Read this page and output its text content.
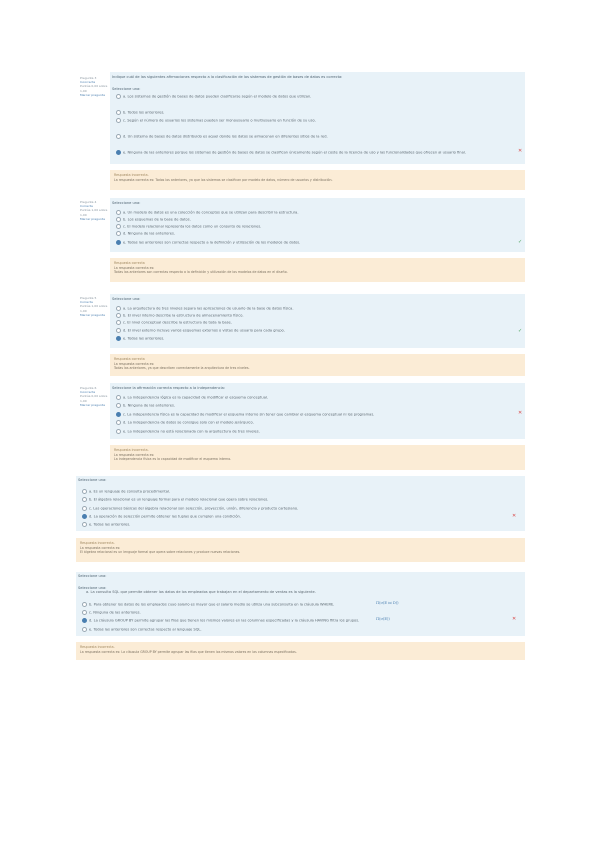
Pregunta 3
Incorrecta
Puntúa 0,00 sobre 1,00
Marcar pregunta
Indique cuál de las siguientes afirmaciones respecto a la clasificación de los sistemas de gestión de bases de datos es correcta:
Seleccione una:
a. Los sistemas de gestión de bases de datos pueden clasificarse según el modelo de datos que utilizan.
b. Todos los anteriores.
c. Según el número de usuarios los sistemas pueden ser monousuario o multiusuario en función de su uso.
d. Un sistema de bases de datos distribuido es aquel donde los datos se almacenan en diferentes sitios de la red.
e. Ninguna de las anteriores porque los sistemas de gestión de bases de datos se clasifican únicamente según el coste de la licencia de uso y las funcionalidades que ofrecen al usuario final.	✕
Respuesta incorrecta.
La respuesta correcta es: Todos los anteriores, ya que los sistemas se clasifican por modelo de datos, número de usuarios y distribución.
Pregunta 4
Correcta
Puntúa 1,00 sobre 1,00
Marcar pregunta
Seleccione una:
a. Un modelo de datos es una colección de conceptos que se utilizan para describir la estructura.
b. Los esquemas de la base de datos.
c. El modelo relacional representa los datos como un conjunto de relaciones.
d. Ninguna de las anteriores.
e. Todas las anteriores son correctas respecto a la definición y utilización de los modelos de datos.	✓
Respuesta correcta
La respuesta correcta es:
Todas las anteriores son correctas respecto a la definición y utilización de los modelos de datos en el diseño.
Pregunta 5
Correcta
Puntúa 1,00 sobre 1,00
Marcar pregunta
Seleccione una:
a. La arquitectura de tres niveles separa las aplicaciones de usuario de la base de datos física.
b. El nivel interno describe la estructura de almacenamiento físico.
c. El nivel conceptual describe la estructura de toda la base.
d. El nivel externo incluye varios esquemas externos o vistas de usuario para cada grupo.
e. Todas las anteriores.
✓
Respuesta correcta
La respuesta correcta es:
Todas las anteriores, ya que describen correctamente la arquitectura de tres niveles.
Pregunta 6
Incorrecta
Puntúa 0,00 sobre 1,00
Marcar pregunta
Seleccione la afirmación correcta respecto a la independencia:
a. La independencia lógica es la capacidad de modificar el esquema conceptual.
b. Ninguna de las anteriores.
c. La independencia física es la capacidad de modificar el esquema interno sin tener que cambiar el esquema conceptual ni los programas.
d. La independencia de datos se consigue solo con el modelo jerárquico.
e. La independencia no está relacionada con la arquitectura de tres niveles.
✕
Respuesta incorrecta.
La respuesta correcta es:
La independencia física es la capacidad de modificar el esquema interno.
Seleccione una:
a. Es un lenguaje de consulta procedimental.
b. El álgebra relacional es un lenguaje formal para el modelo relacional que opera sobre relaciones.
c. Las operaciones básicas del álgebra relacional son selección, proyección, unión, diferencia y producto cartesiano.
d. La operación de selección permite obtener las tuplas que cumplen una condición.
e. Todas las anteriores.
✕
Respuesta incorrecta.
La respuesta correcta es:
El álgebra relacional es un lenguaje formal que opera sobre relaciones y produce nuevas relaciones.
Seleccione una:
Seleccione una:
a. La consulta SQL que permite obtener los datos de los empleados que trabajan en el departamento de ventas es la siguiente.
b. Para obtener los datos de los empleados cuyo salario es mayor que el salario medio se utiliza una subconsulta en la cláusula WHERE.	Π(σ(E ⋈ D))
c. Ninguna de las anteriores.
d. La cláusula GROUP BY permite agrupar las filas que tienen los mismos valores en las columnas especificadas y la cláusula HAVING filtra los grupos.	Π(σ(E))
e. Todas las anteriores son correctas respecto al lenguaje SQL.
✕
Respuesta incorrecta.
La respuesta correcta es: La cláusula GROUP BY permite agrupar las filas que tienen los mismos valores en las columnas especificadas.
